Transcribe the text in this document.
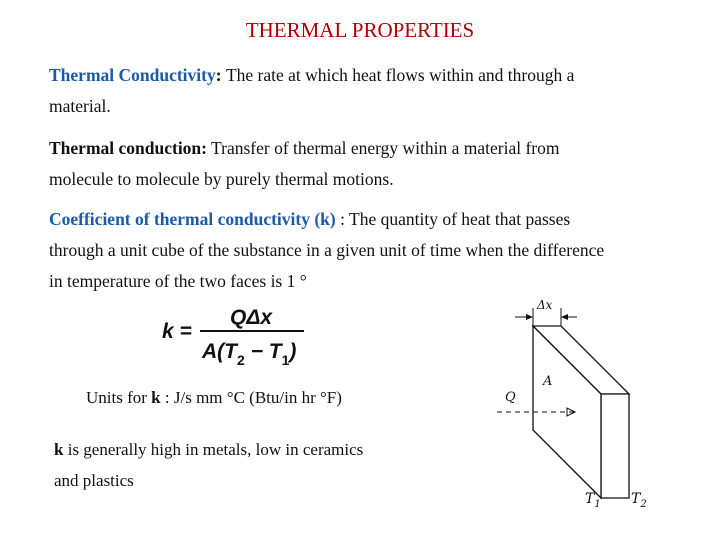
THERMAL PROPERTIES
Thermal Conductivity: The rate at which heat flows within and through a
material.
Thermal conduction: Transfer of thermal energy within a material from
molecule to molecule by purely thermal motions.
Coefficient of thermal conductivity (k) : The quantity of heat that passes
through a unit cube of the substance in a given unit of time when the difference
in temperature of the two faces is 1 °
k =
QΔx
$A(T_2 - T_1)$
Units for k : J/s mm °C (Btu/in hr °F)
k is generally high in metals, low in ceramics
and plastics
Δx
A
Q
$T_1$ $T_2$
